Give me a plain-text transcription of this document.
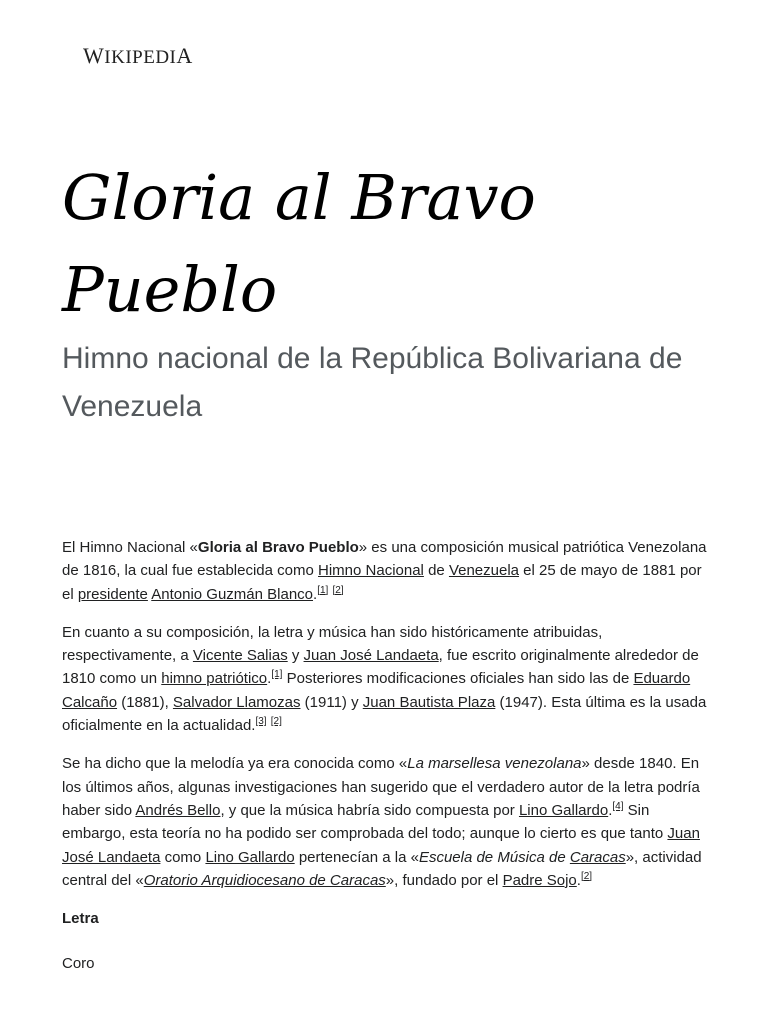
WIKIPEDIA
Gloria al Bravo Pueblo
Himno nacional de la República Bolivariana de Venezuela

El Himno Nacional «Gloria al Bravo Pueblo» es una composición musical patriótica Venezolana de 1816, la cual fue establecida como Himno Nacional de Venezuela el 25 de mayo de 1881 por el presidente Antonio Guzmán Blanco.[1] [2]

En cuanto a su composición, la letra y música han sido históricamente atribuidas, respectivamente, a Vicente Salias y Juan José Landaeta, fue escrito originalmente alrededor de 1810 como un himno patriótico.[1] Posteriores modificaciones oficiales han sido las de Eduardo Calcaño (1881), Salvador Llamozas (1911) y Juan Bautista Plaza (1947). Esta última es la usada oficialmente en la actualidad.[3] [2]

Se ha dicho que la melodía ya era conocida como «La marsellesa venezolana» desde 1840. En los últimos años, algunas investigaciones han sugerido que el verdadero autor de la letra podría haber sido Andrés Bello, y que la música habría sido compuesta por Lino Gallardo.[4] Sin embargo, esta teoría no ha podido ser comprobada del todo; aunque lo cierto es que tanto Juan José Landaeta como Lino Gallardo pertenecían a la «Escuela de Música de Caracas», actividad central del «Oratorio Arquidiocesano de Caracas», fundado por el Padre Sojo.[2]

Letra

Coro
